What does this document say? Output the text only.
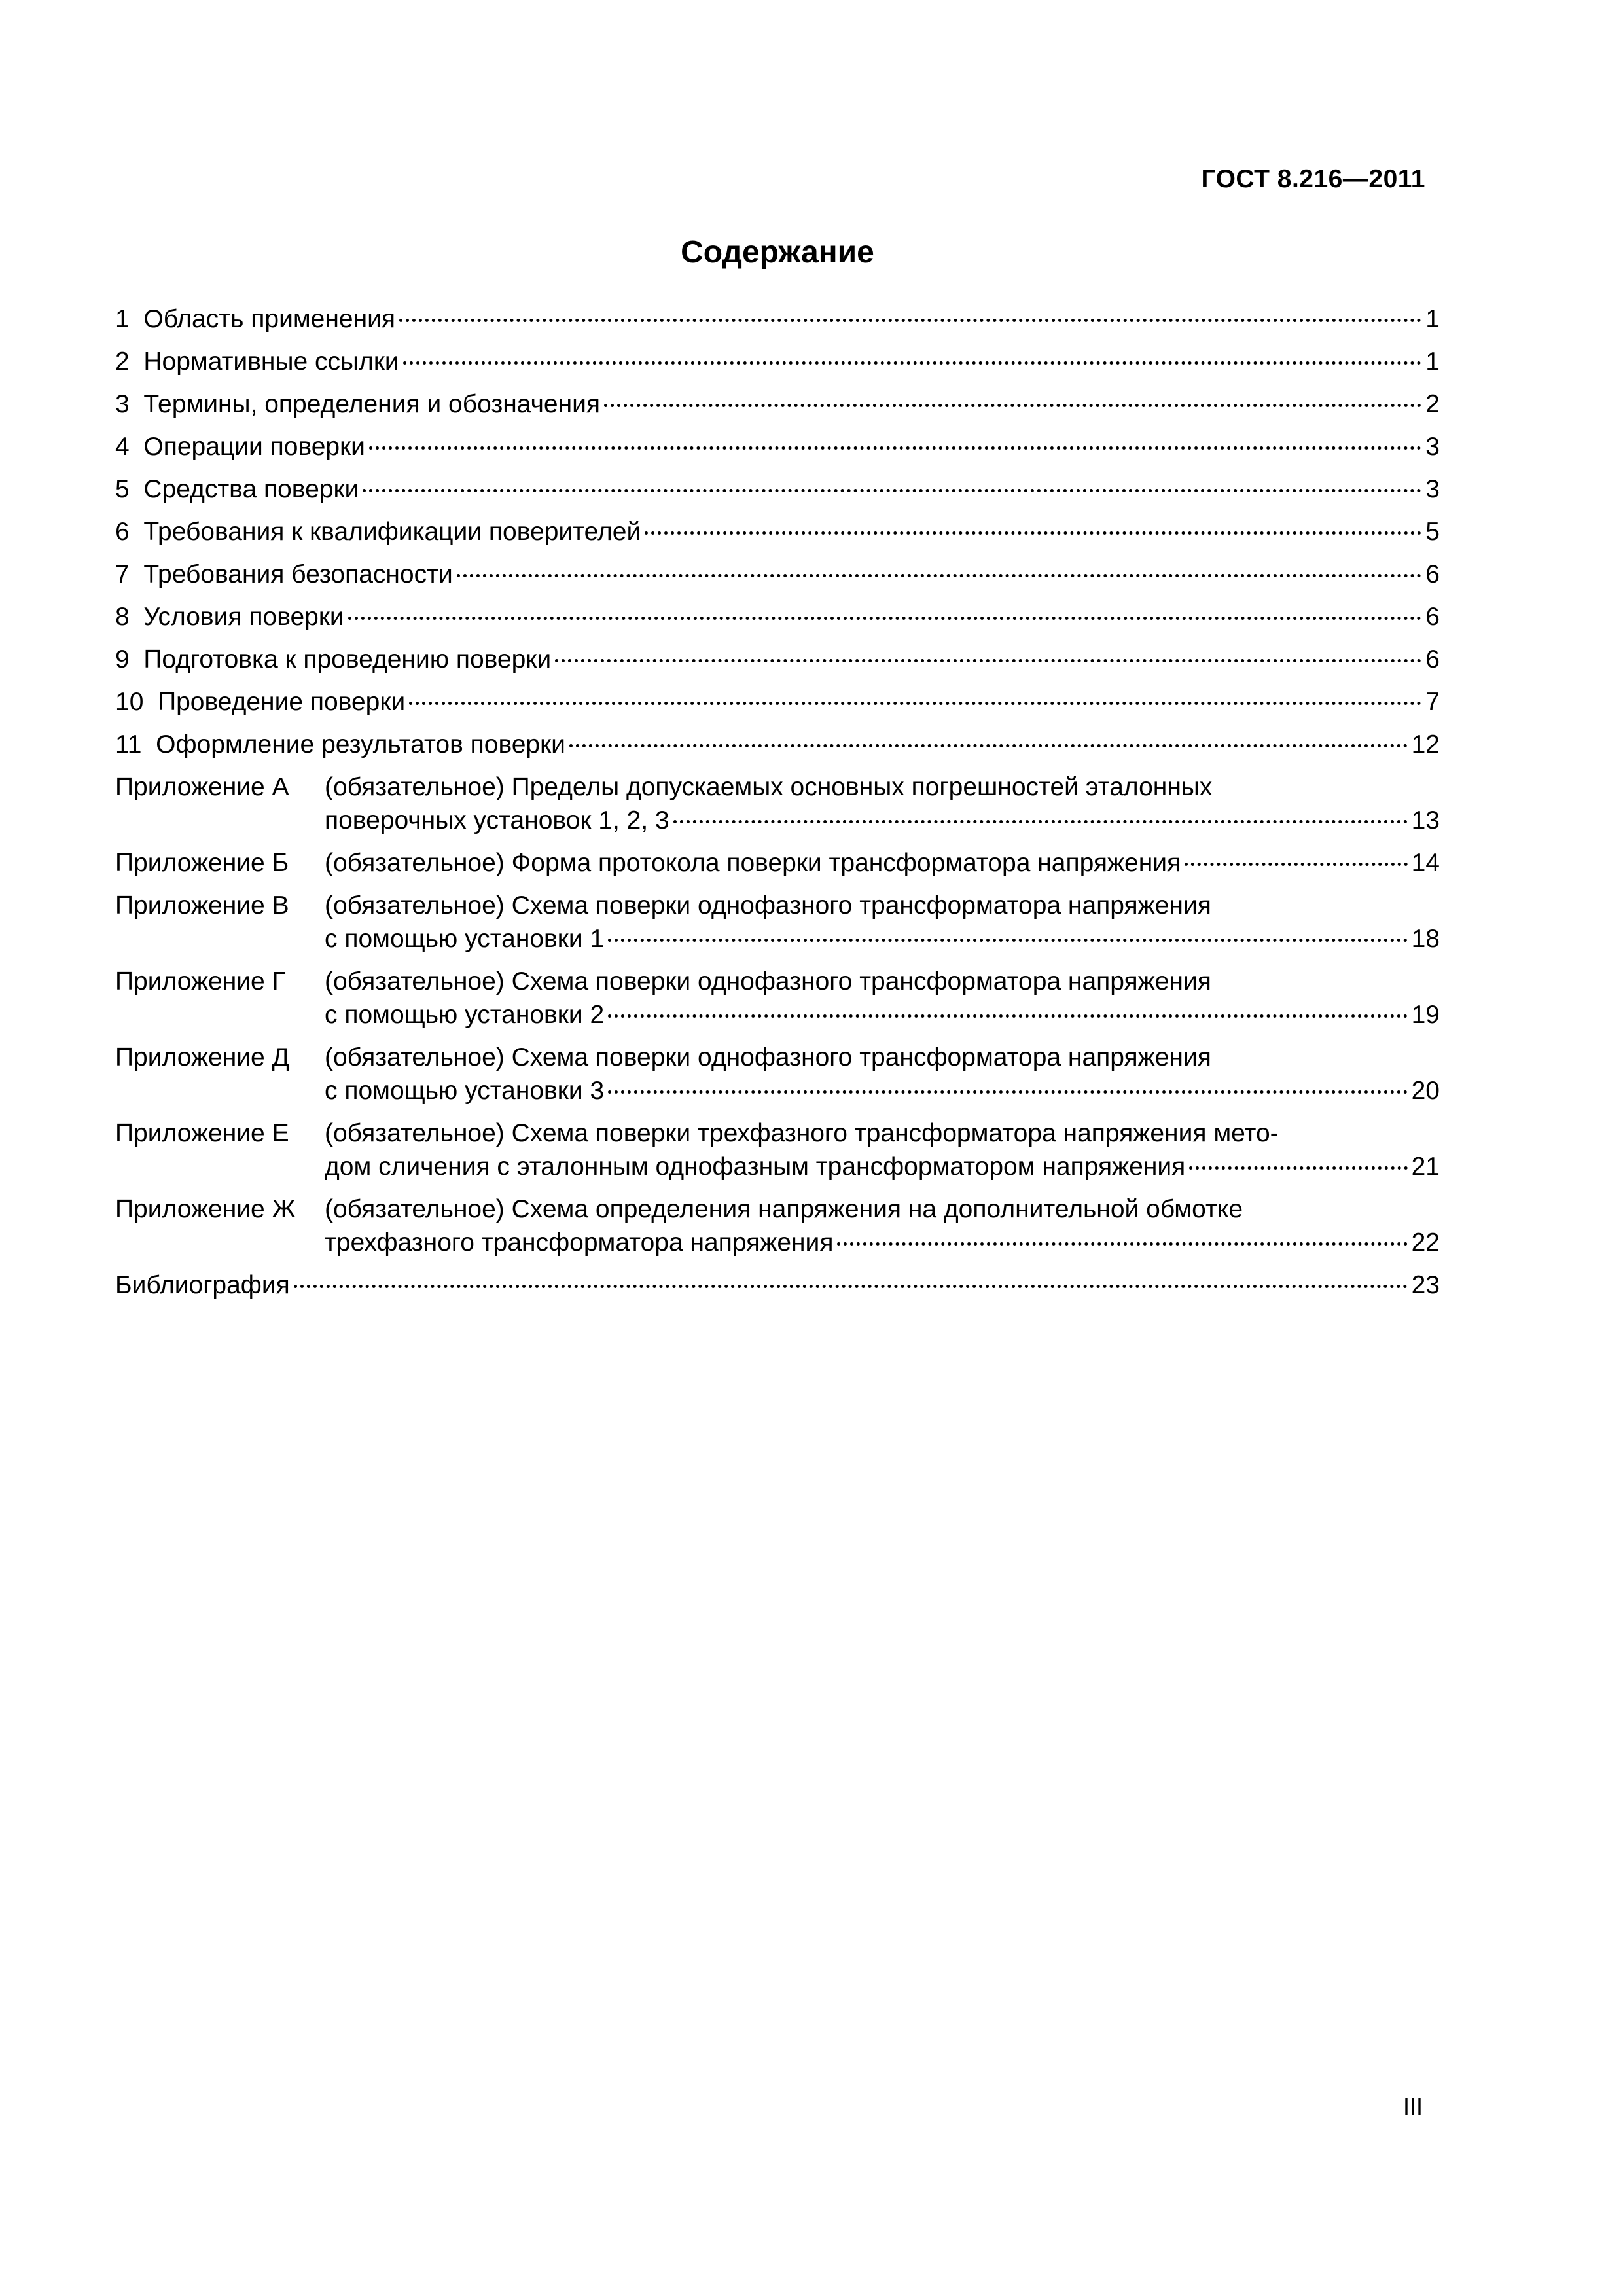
ГОСТ 8.216—2011
Содержание
1 Область применения	1
2 Нормативные ссылки	1
3 Термины, определения и обозначения	2
4 Операции поверки	3
5 Средства поверки	3
6 Требования к квалификации поверителей	5
7 Требования безопасности	6
8 Условия поверки	6
9 Подготовка к проведению поверки	6
10 Проведение поверки	7
11 Оформление результатов поверки	12
Приложение А	(обязательное) Пределы допускаемых основных погрешностей эталонных
поверочных установок 1, 2, 3	13
Приложение Б	(обязательное) Форма протокола поверки трансформатора напряжения	14
Приложение В	(обязательное) Схема поверки однофазного трансформатора напряжения
с помощью установки 1	18
Приложение Г	(обязательное) Схема поверки однофазного трансформатора напряжения
с помощью установки 2	19
Приложение Д	(обязательное) Схема поверки однофазного трансформатора напряжения
с помощью установки 3	20
Приложение Е	(обязательное) Схема поверки трехфазного трансформатора напряжения мето-
дом сличения с эталонным однофазным трансформатором напряжения	21
Приложение Ж	(обязательное) Схема определения напряжения на дополнительной обмотке
трехфазного трансформатора напряжения	22
Библиография	23
III
